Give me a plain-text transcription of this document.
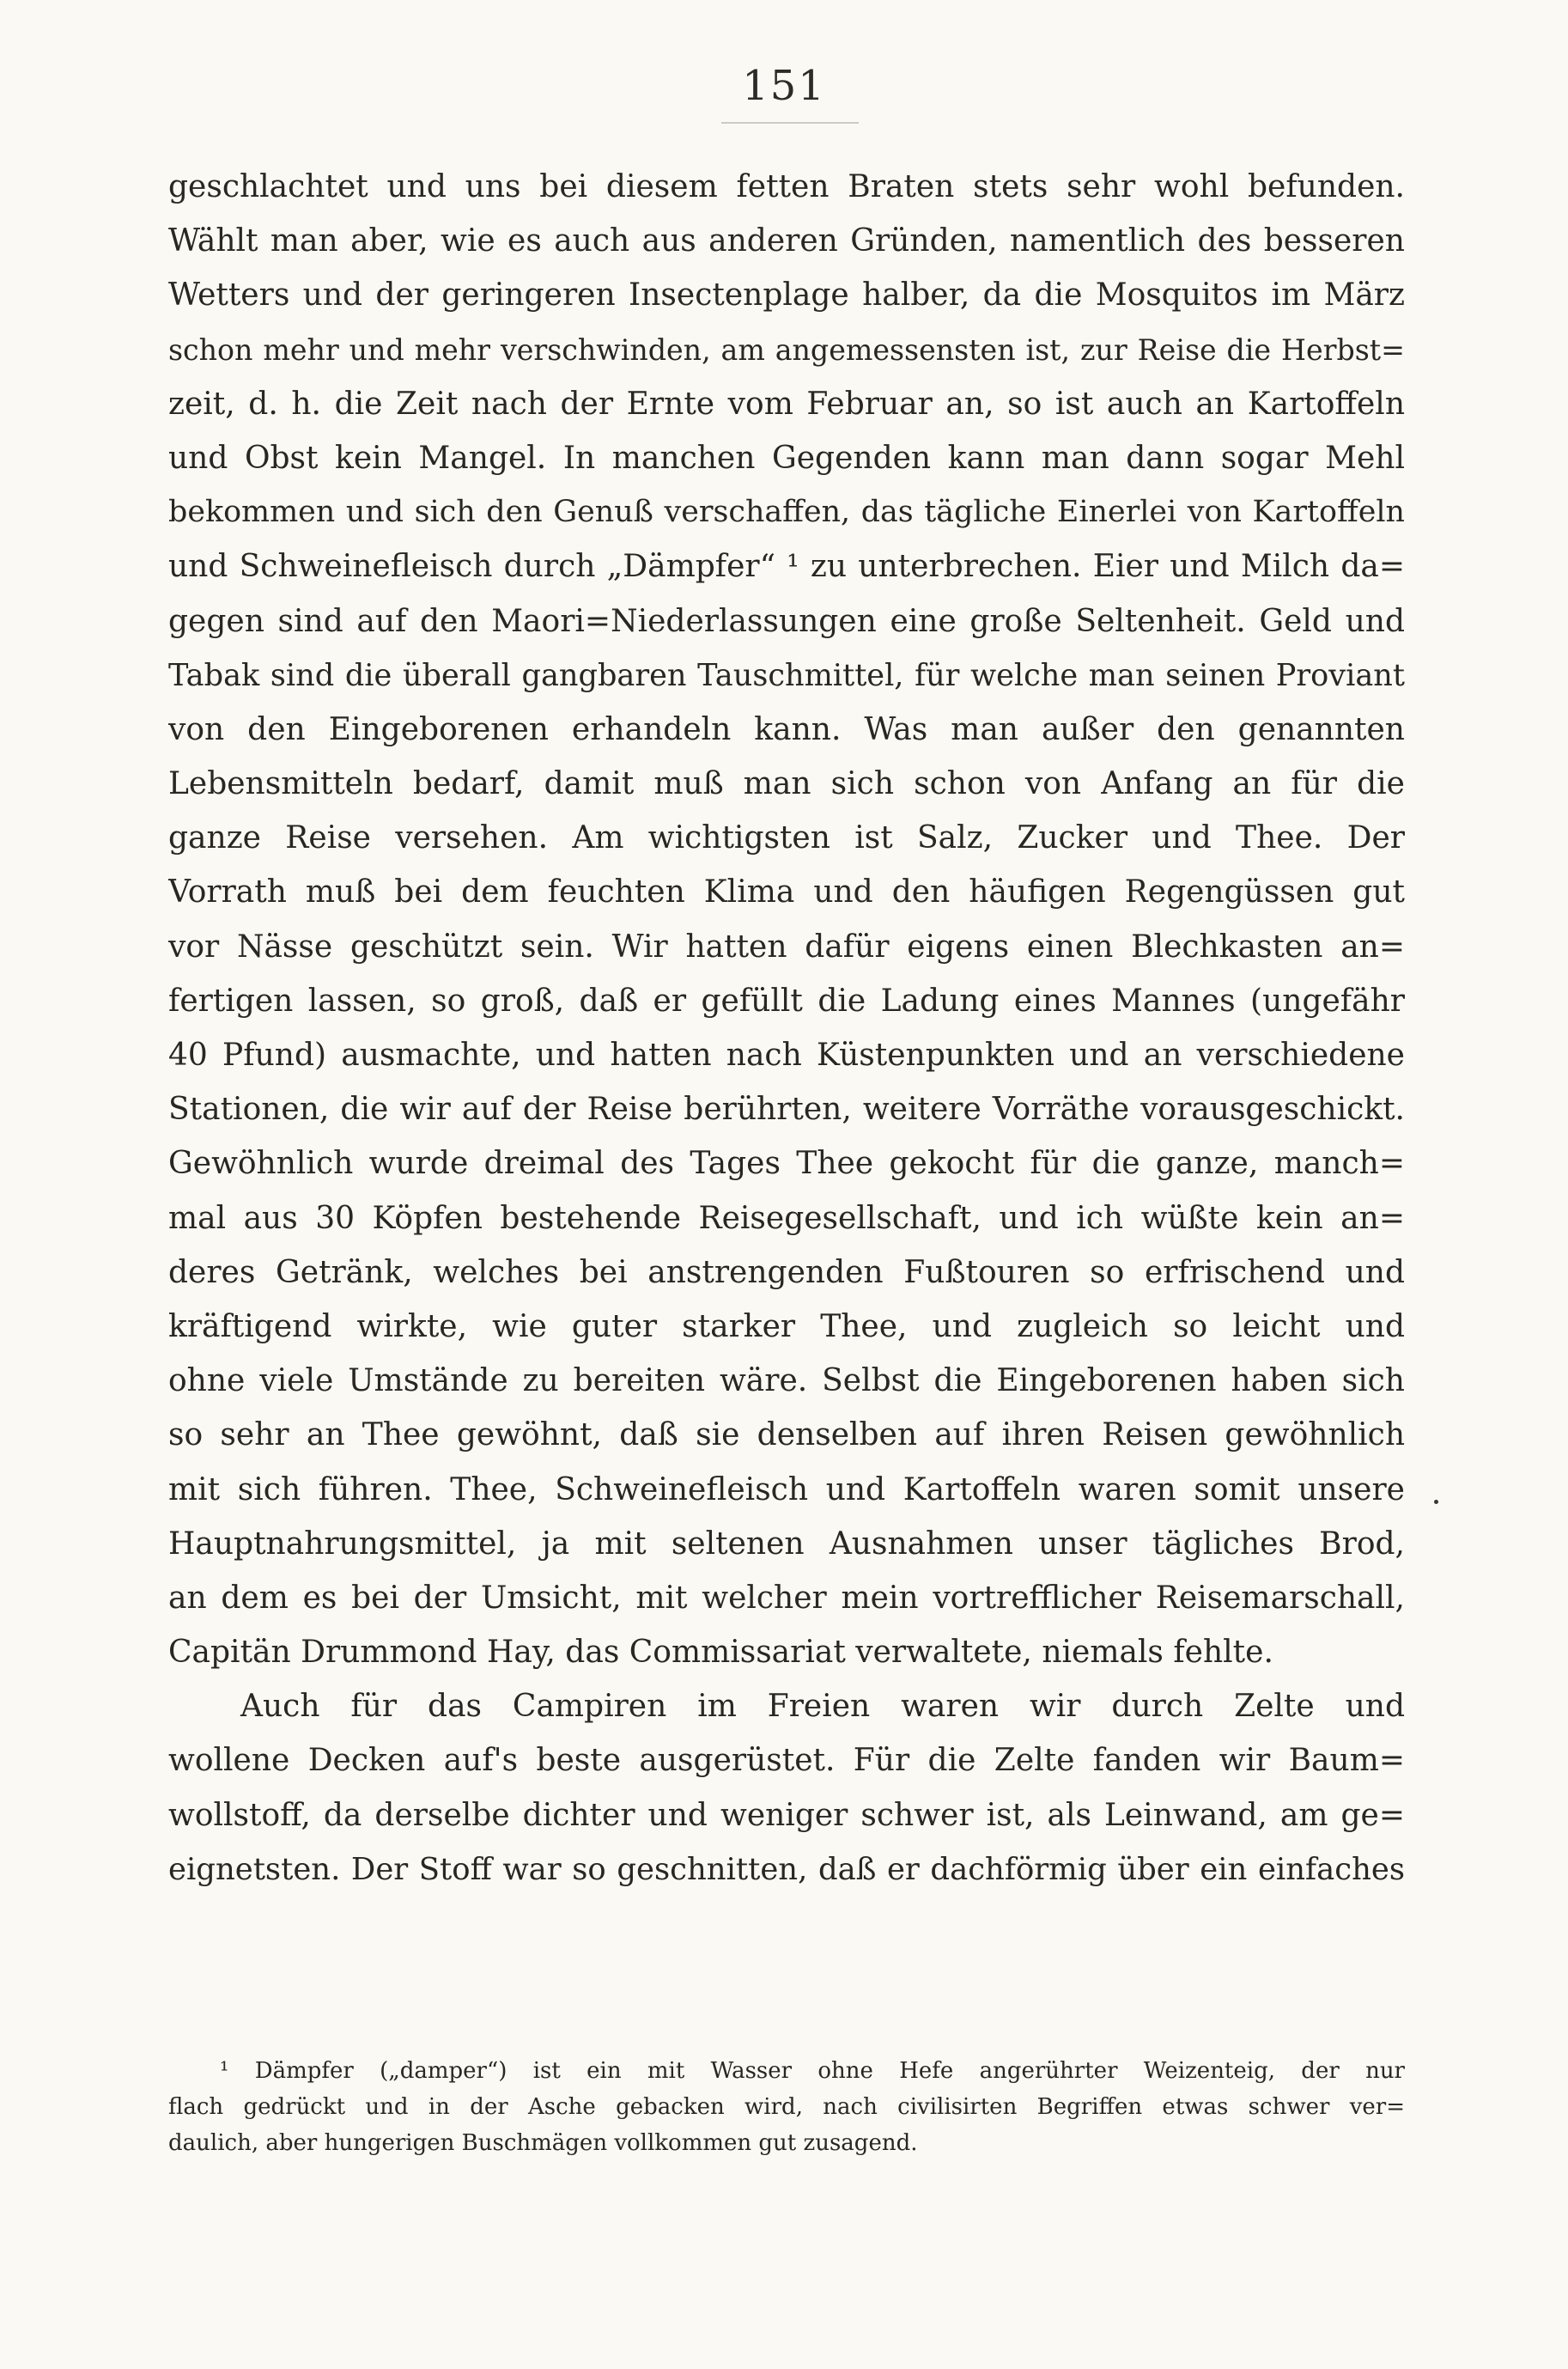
151
geschlachtet und uns bei diesem fetten Braten stets sehr wohl befunden.
Wählt man aber, wie es auch aus anderen Gründen, namentlich des besseren
Wetters und der geringeren Insectenplage halber, da die Mosquitos im März
schon mehr und mehr verschwinden, am angemessensten ist, zur Reise die Herbst=
zeit, d. h. die Zeit nach der Ernte vom Februar an, so ist auch an Kartoffeln
und Obst kein Mangel. In manchen Gegenden kann man dann sogar Mehl
bekommen und sich den Genuß verschaffen, das tägliche Einerlei von Kartoffeln
und Schweinefleisch durch „Dämpfer“ ¹ zu unterbrechen. Eier und Milch da=
gegen sind auf den Maori=Niederlassungen eine große Seltenheit. Geld und
Tabak sind die überall gangbaren Tauschmittel, für welche man seinen Proviant
von den Eingeborenen erhandeln kann. Was man außer den genannten
Lebensmitteln bedarf, damit muß man sich schon von Anfang an für die
ganze Reise versehen. Am wichtigsten ist Salz, Zucker und Thee. Der
Vorrath muß bei dem feuchten Klima und den häufigen Regengüssen gut
vor Nässe geschützt sein. Wir hatten dafür eigens einen Blechkasten an=
fertigen lassen, so groß, daß er gefüllt die Ladung eines Mannes (ungefähr
40 Pfund) ausmachte, und hatten nach Küstenpunkten und an verschiedene
Stationen, die wir auf der Reise berührten, weitere Vorräthe vorausgeschickt.
Gewöhnlich wurde dreimal des Tages Thee gekocht für die ganze, manch=
mal aus 30 Köpfen bestehende Reisegesellschaft, und ich wüßte kein an=
deres Getränk, welches bei anstrengenden Fußtouren so erfrischend und
kräftigend wirkte, wie guter starker Thee, und zugleich so leicht und
ohne viele Umstände zu bereiten wäre. Selbst die Eingeborenen haben sich
so sehr an Thee gewöhnt, daß sie denselben auf ihren Reisen gewöhnlich
mit sich führen. Thee, Schweinefleisch und Kartoffeln waren somit unsere
Hauptnahrungsmittel, ja mit seltenen Ausnahmen unser tägliches Brod,
an dem es bei der Umsicht, mit welcher mein vortrefflicher Reisemarschall,
Capitän Drummond Hay, das Commissariat verwaltete, niemals fehlte.
Auch für das Campiren im Freien waren wir durch Zelte und
wollene Decken auf's beste ausgerüstet. Für die Zelte fanden wir Baum=
wollstoff, da derselbe dichter und weniger schwer ist, als Leinwand, am ge=
eignetsten. Der Stoff war so geschnitten, daß er dachförmig über ein einfaches
¹ Dämpfer („damper“) ist ein mit Wasser ohne Hefe angerührter Weizenteig, der nur
flach gedrückt und in der Asche gebacken wird, nach civilisirten Begriffen etwas schwer ver=
daulich, aber hungerigen Buschmägen vollkommen gut zusagend.
